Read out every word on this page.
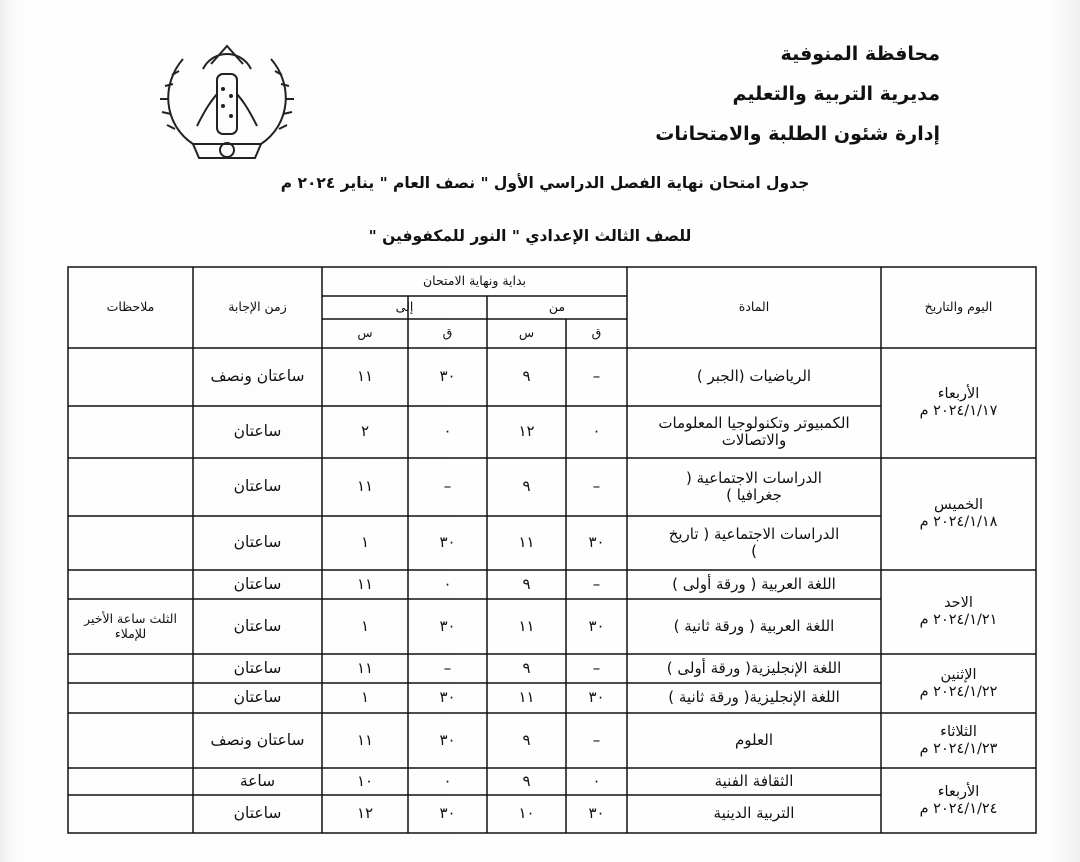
محافظة المنوفية
مديرية التربية والتعليم
إدارة شئون الطلبة والامتحانات
جدول امتحان نهاية الفصل الدراسي الأول " نصف العام " يناير ٢٠٢٤ م
للصف الثالث الإعدادي " النور للمكفوفين "
اليوم والتاريخ
المادة
بداية ونهاية الامتحان
من
إلى
ق
س
ق
س
زمن الإجابة
ملاحظات
الأربعاء
٢٠٢٤/١/١٧ م
الخميس
٢٠٢٤/١/١٨ م
الاحد
٢٠٢٤/١/٢١ م
الإثنين
٢٠٢٤/١/٢٢ م
الثلاثاء
٢٠٢٤/١/٢٣ م
الأربعاء
٢٠٢٤/١/٢٤ م
الرياضيات (الجبر )
–
٩
٣٠
١١
ساعتان ونصف
الكمبيوتر وتكنولوجيا المعلومات والاتصالات
٠
١٢
٠
٢
ساعتان
الدراسات الاجتماعية ( جغرافيا )
–
٩
–
١١
ساعتان
الدراسات الاجتماعية ( تاريخ )
٣٠
١١
٣٠
١
ساعتان
اللغة العربية ( ورقة أولى )
–
٩
٠
١١
ساعتان
اللغة العربية ( ورقة ثانية )
٣٠
١١
٣٠
١
ساعتان
الثلث ساعة الأخير للإملاء
اللغة الإنجليزية( ورقة أولى )
–
٩
–
١١
ساعتان
اللغة الإنجليزية( ورقة ثانية )
٣٠
١١
٣٠
١
ساعتان
العلوم
–
٩
٣٠
١١
ساعتان ونصف
الثقافة الفنية
٠
٩
٠
١٠
ساعة
التربية الدينية
٣٠
١٠
٣٠
١٢
ساعتان
